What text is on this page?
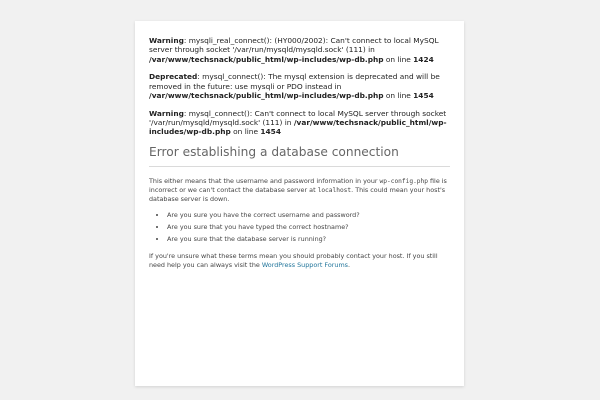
Warning: mysqli_real_connect(): (HY000/2002): Can't connect to local MySQL server through socket '/var/run/mysqld/mysqld.sock' (111) in /var/www/techsnack/public_html/wp-includes/wp-db.php on line 1424

Deprecated: mysql_connect(): The mysql extension is deprecated and will be removed in the future: use mysqli or PDO instead in /var/www/techsnack/public_html/wp-includes/wp-db.php on line 1454

Warning: mysql_connect(): Can't connect to local MySQL server through socket '/var/run/mysqld/mysqld.sock' (111) in /var/www/techsnack/public_html/wp-includes/wp-db.php on line 1454

Error establishing a database connection

This either means that the username and password information in your wp-config.php file is incorrect or we can't contact the database server at localhost. This could mean your host's database server is down.

• Are you sure you have the correct username and password?
• Are you sure that you have typed the correct hostname?
• Are you sure that the database server is running?

If you're unsure what these terms mean you should probably contact your host. If you still need help you can always visit the WordPress Support Forums.
